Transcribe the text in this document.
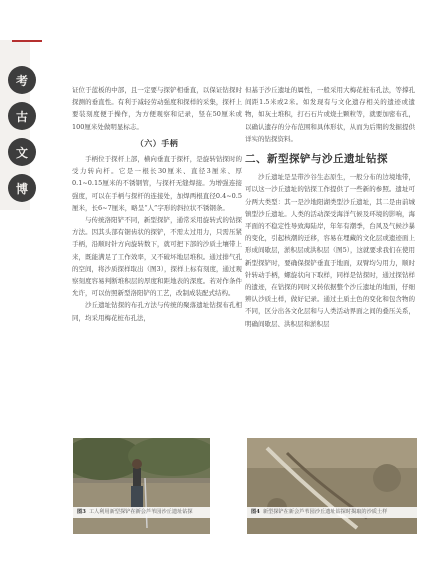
考
古
文
博

证位于蓝板的中部，且一定要与探铲相垂直，以保证钻探时探测的垂直性。有利于减轻劳动强度和探样的采集，探杆上要装刻度便于操作，为方便观察和记录，竖在50厘米或100厘米处做明显标志。

（六）手柄

手柄位于探杆上部，横向垂直于探杆，是旋转钻探时的受力转向杆。它是一根长30厘米、直径3厘米、厚0.1~0.15厘米的不锈钢管，与探杆无缝焊接。为增强连接强度，可以在手柄与探杆的连接处，加焊两根直径0.4~0.5厘米，长6~7厘米，略呈“人”字形的斜拉状不锈钢条。

与传统洛阳铲不同，新型探铲，通常采用旋转式的钻探方法。因其头部有锯齿状的探铲，不需太过用力，只需压紧手柄，沿顺时针方向旋转数下，就可把下部的沙质土壤带上来，既能满足了工作效率，又不破坏地层堆积。通过排气孔的空间，将沙质探样取出（图3），探样上标有刻度，通过观察刻度容易判断堆积层的厚度和距地表的深度。若对作条件允许，可以仿照新型洛阳铲的工艺，改制成装配式结构。

沙丘遗址钻探的布孔方法与传统的聚落遗址钻探布孔相同，均采用梅花桩布孔法，

但基于沙丘遗址的属性，一般采用大梅花桩布孔法，等撑孔间距1.5米或2米。如发现有与文化遗存相关的遗迹或遗物，如灰土堆积，打石石片或烧土颗粒等，就要加密布孔，以确认遗存的分布范围和具体形状，从而为后期的发掘提供详实的钻探资料。

二、新型探铲与沙丘遗址钻探

沙丘遗址是呈带沙谷生态原生，一般分布的边境地带，可以这一沙丘遗址的钻探工作提供了一些新的参照。遗址可分两大类型：其一是沙地阳湖类型沙丘遗址，其二是由前城镇型沙丘遗址。人类的活动深受海洋气候及环境的影响，海平面的不稳定性导致海陆岸，年年有潮季，台风及气候沙暴的变化，引起核潮的迁移，容易在埋藏的文化层或遗迹面上形成间歇层，淤积层或洪积层（图5），这就要求我们在使用新型探铲时，要确保探铲垂直于地面，双臂均匀用力，顺时针转动手柄，螺旋状向下取样，同样是钻探时，通过探钻样的遗迹，在钻探的同时又转依据整个沙丘遗址的地面，仔细辨认沙质土样，做好记录。通过土质土色的变化和包含物的不同，区分出各文化层和与人类活动界面之间的叠压关系，明确间歇层、洪积层和淤积层

图3 工人利用新型探铲在新会芦苇园沙丘遗址钻探	图4 新型探铲在新会芦苇园沙丘遗址钻探时揭取的沙质土样
